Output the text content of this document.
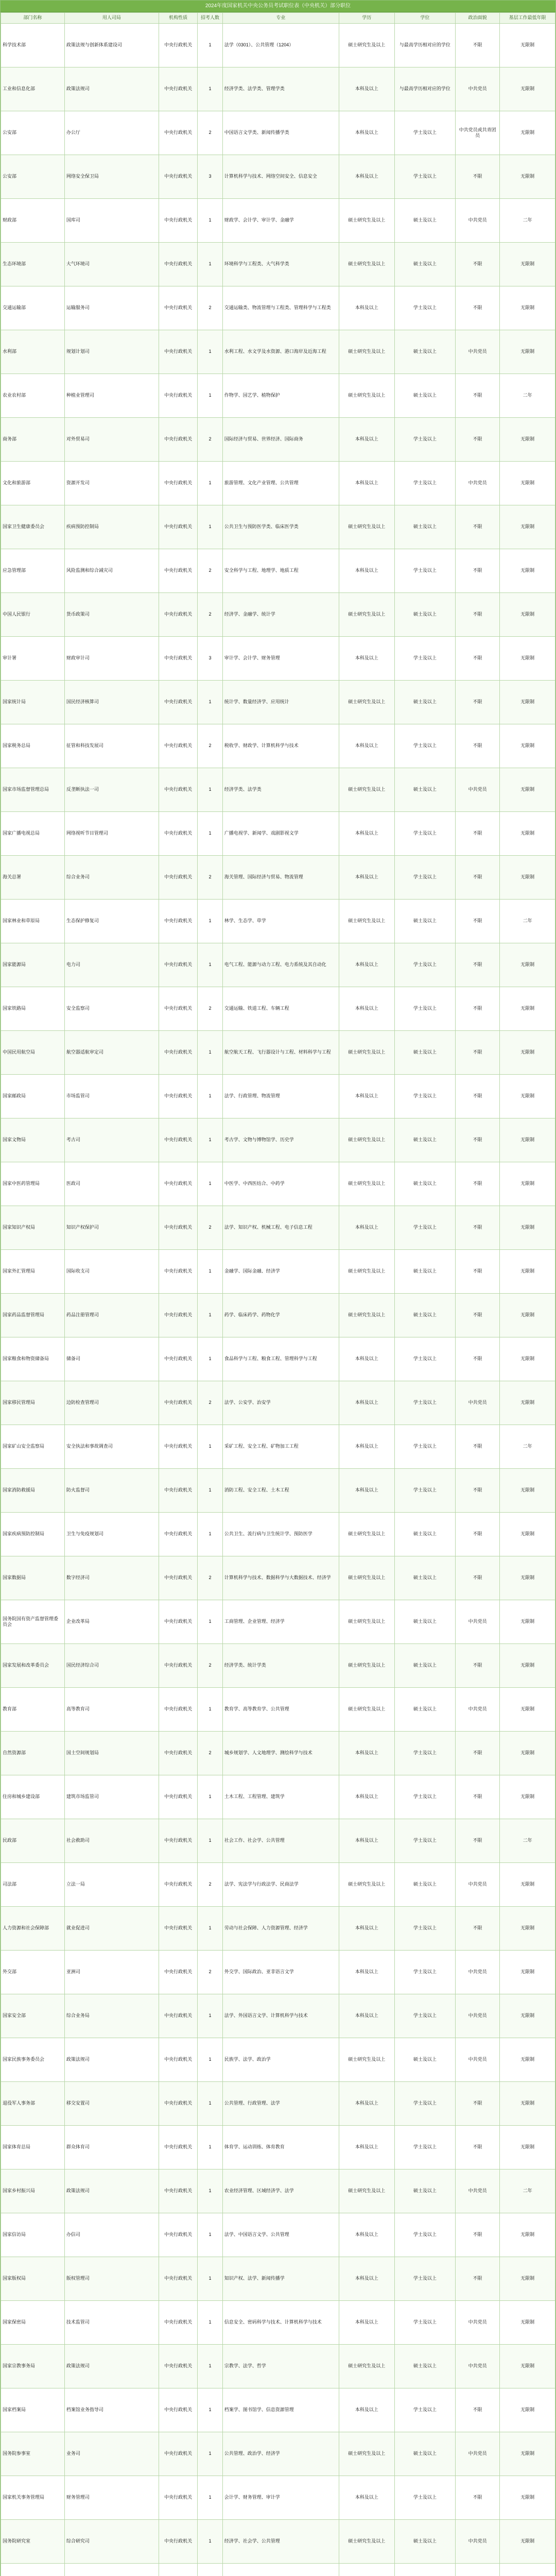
2024年度国家机关中央公务员考试职位表（中央机关）部分职位
部门名称	用人司局	机构性质	招考人数	专业	学历	学位	政治面貌	基层工作最低年限
科学技术部	政策法规与创新体系建设司	中央行政机关	1	法学（0301）、公共管理（1204）	硕士研究生及以上	与最高学历相对应的学位	不限	无限制
工业和信息化部	政策法规司	中央行政机关	1	经济学类、法学类、管理学类	本科及以上	与最高学历相对应的学位	中共党员	无限制
公安部	办公厅	中央行政机关	2	中国语言文学类、新闻传播学类	本科及以上	学士及以上	中共党员或共青团员	无限制
公安部	网络安全保卫局	中央行政机关	3	计算机科学与技术、网络空间安全、信息安全	本科及以上	学士及以上	不限	无限制
财政部	国库司	中央行政机关	1	财政学、会计学、审计学、金融学	硕士研究生及以上	硕士及以上	中共党员	二年
生态环境部	大气环境司	中央行政机关	1	环境科学与工程类、大气科学类	硕士研究生及以上	硕士及以上	不限	无限制
交通运输部	运输服务司	中央行政机关	2	交通运输类、物流管理与工程类、管理科学与工程类	本科及以上	学士及以上	不限	无限制
水利部	规划计划司	中央行政机关	1	水利工程、水文学及水资源、港口海岸及近海工程	硕士研究生及以上	硕士及以上	中共党员	无限制
农业农村部	种植业管理司	中央行政机关	1	作物学、园艺学、植物保护	硕士研究生及以上	硕士及以上	不限	二年
商务部	对外贸易司	中央行政机关	2	国际经济与贸易、世界经济、国际商务	本科及以上	学士及以上	不限	无限制
文化和旅游部	资源开发司	中央行政机关	1	旅游管理、文化产业管理、公共管理	本科及以上	学士及以上	中共党员	无限制
国家卫生健康委员会	疾病预防控制局	中央行政机关	1	公共卫生与预防医学类、临床医学类	硕士研究生及以上	硕士及以上	不限	无限制
应急管理部	风险监测和综合减灾司	中央行政机关	2	安全科学与工程、地理学、地质工程	本科及以上	学士及以上	不限	无限制
中国人民银行	货币政策司	中央行政机关	2	经济学、金融学、统计学	硕士研究生及以上	硕士及以上	不限	无限制
审计署	财政审计司	中央行政机关	3	审计学、会计学、财务管理	本科及以上	学士及以上	不限	无限制
国家统计局	国民经济核算司	中央行政机关	1	统计学、数量经济学、应用统计	硕士研究生及以上	硕士及以上	不限	无限制
国家税务总局	征管和科技发展司	中央行政机关	2	税收学、财政学、计算机科学与技术	本科及以上	学士及以上	不限	无限制
国家市场监督管理总局	反垄断执法一司	中央行政机关	1	经济学类、法学类	硕士研究生及以上	硕士及以上	中共党员	无限制
国家广播电视总局	网络视听节目管理司	中央行政机关	1	广播电视学、新闻学、戏剧影视文学	本科及以上	学士及以上	不限	无限制
海关总署	综合业务司	中央行政机关	2	海关管理、国际经济与贸易、物流管理	本科及以上	学士及以上	不限	无限制
国家林业和草原局	生态保护修复司	中央行政机关	1	林学、生态学、草学	硕士研究生及以上	硕士及以上	不限	二年
国家能源局	电力司	中央行政机关	1	电气工程、能源与动力工程、电力系统及其自动化	本科及以上	学士及以上	不限	无限制
国家铁路局	安全监察司	中央行政机关	2	交通运输、铁道工程、车辆工程	本科及以上	学士及以上	不限	无限制
中国民用航空局	航空器适航审定司	中央行政机关	1	航空航天工程、飞行器设计与工程、材料科学与工程	硕士研究生及以上	硕士及以上	不限	无限制
国家邮政局	市场监管司	中央行政机关	1	法学、行政管理、物流管理	本科及以上	学士及以上	不限	无限制
国家文物局	考古司	中央行政机关	1	考古学、文物与博物馆学、历史学	硕士研究生及以上	硕士及以上	不限	无限制
国家中医药管理局	医政司	中央行政机关	1	中医学、中西医结合、中药学	硕士研究生及以上	硕士及以上	不限	无限制
国家知识产权局	知识产权保护司	中央行政机关	2	法学、知识产权、机械工程、电子信息工程	本科及以上	学士及以上	不限	无限制
国家外汇管理局	国际收支司	中央行政机关	1	金融学、国际金融、经济学	硕士研究生及以上	硕士及以上	不限	无限制
国家药品监督管理局	药品注册管理司	中央行政机关	1	药学、临床药学、药物化学	硕士研究生及以上	硕士及以上	不限	无限制
国家粮食和物资储备局	储备司	中央行政机关	1	食品科学与工程、粮食工程、管理科学与工程	本科及以上	学士及以上	不限	无限制
国家移民管理局	边防检查管理司	中央行政机关	2	法学、公安学、治安学	本科及以上	学士及以上	中共党员	无限制
国家矿山安全监察局	安全执法和事故调查司	中央行政机关	1	采矿工程、安全工程、矿物加工工程	本科及以上	学士及以上	不限	二年
国家消防救援局	防火监督司	中央行政机关	1	消防工程、安全工程、土木工程	本科及以上	学士及以上	不限	无限制
国家疾病预防控制局	卫生与免疫规划司	中央行政机关	1	公共卫生、流行病与卫生统计学、预防医学	硕士研究生及以上	硕士及以上	不限	无限制
国家数据局	数字经济司	中央行政机关	2	计算机科学与技术、数据科学与大数据技术、经济学	硕士研究生及以上	硕士及以上	不限	无限制
国务院国有资产监督管理委员会	企业改革局	中央行政机关	1	工商管理、企业管理、经济学	硕士研究生及以上	硕士及以上	中共党员	无限制
国家发展和改革委员会	国民经济综合司	中央行政机关	2	经济学类、统计学类	硕士研究生及以上	硕士及以上	不限	无限制
教育部	高等教育司	中央行政机关	1	教育学、高等教育学、公共管理	硕士研究生及以上	硕士及以上	中共党员	无限制
自然资源部	国土空间规划局	中央行政机关	2	城乡规划学、人文地理学、测绘科学与技术	本科及以上	学士及以上	不限	无限制
住房和城乡建设部	建筑市场监管司	中央行政机关	1	土木工程、工程管理、建筑学	本科及以上	学士及以上	不限	无限制
民政部	社会救助司	中央行政机关	1	社会工作、社会学、公共管理	本科及以上	学士及以上	不限	二年
司法部	立法一局	中央行政机关	2	法学、宪法学与行政法学、民商法学	硕士研究生及以上	硕士及以上	中共党员	无限制
人力资源和社会保障部	就业促进司	中央行政机关	1	劳动与社会保障、人力资源管理、经济学	本科及以上	学士及以上	不限	无限制
外交部	亚洲司	中央行政机关	2	外交学、国际政治、亚非语言文学	本科及以上	学士及以上	中共党员	无限制
国家安全部	综合业务局	中央行政机关	1	法学、外国语言文学、计算机科学与技术	本科及以上	学士及以上	中共党员	无限制
国家民族事务委员会	政策法规司	中央行政机关	1	民族学、法学、政治学	硕士研究生及以上	硕士及以上	中共党员	无限制
退役军人事务部	移交安置司	中央行政机关	1	公共管理、行政管理、法学	本科及以上	学士及以上	不限	无限制
国家体育总局	群众体育司	中央行政机关	1	体育学、运动训练、体育教育	本科及以上	学士及以上	不限	无限制
国家乡村振兴局	政策法规司	中央行政机关	1	农业经济管理、区域经济学、法学	硕士研究生及以上	硕士及以上	中共党员	二年
国家信访局	办信司	中央行政机关	1	法学、中国语言文学、公共管理	本科及以上	学士及以上	不限	无限制
国家版权局	版权管理司	中央行政机关	1	知识产权、法学、新闻传播学	本科及以上	学士及以上	不限	无限制
国家保密局	技术监管司	中央行政机关	1	信息安全、密码科学与技术、计算机科学与技术	本科及以上	学士及以上	中共党员	无限制
国家宗教事务局	政策法规司	中央行政机关	1	宗教学、法学、哲学	硕士研究生及以上	硕士及以上	中共党员	无限制
国家档案局	档案馆业务指导司	中央行政机关	1	档案学、图书馆学、信息资源管理	本科及以上	学士及以上	不限	无限制
国务院参事室	业务司	中央行政机关	1	公共管理、政治学、经济学	硕士研究生及以上	硕士及以上	中共党员	无限制
国家机关事务管理局	财务管理司	中央行政机关	1	会计学、财务管理、审计学	本科及以上	学士及以上	不限	无限制
国务院研究室	综合研究司	中央行政机关	1	经济学、社会学、公共管理	硕士研究生及以上	硕士及以上	中共党员	无限制
